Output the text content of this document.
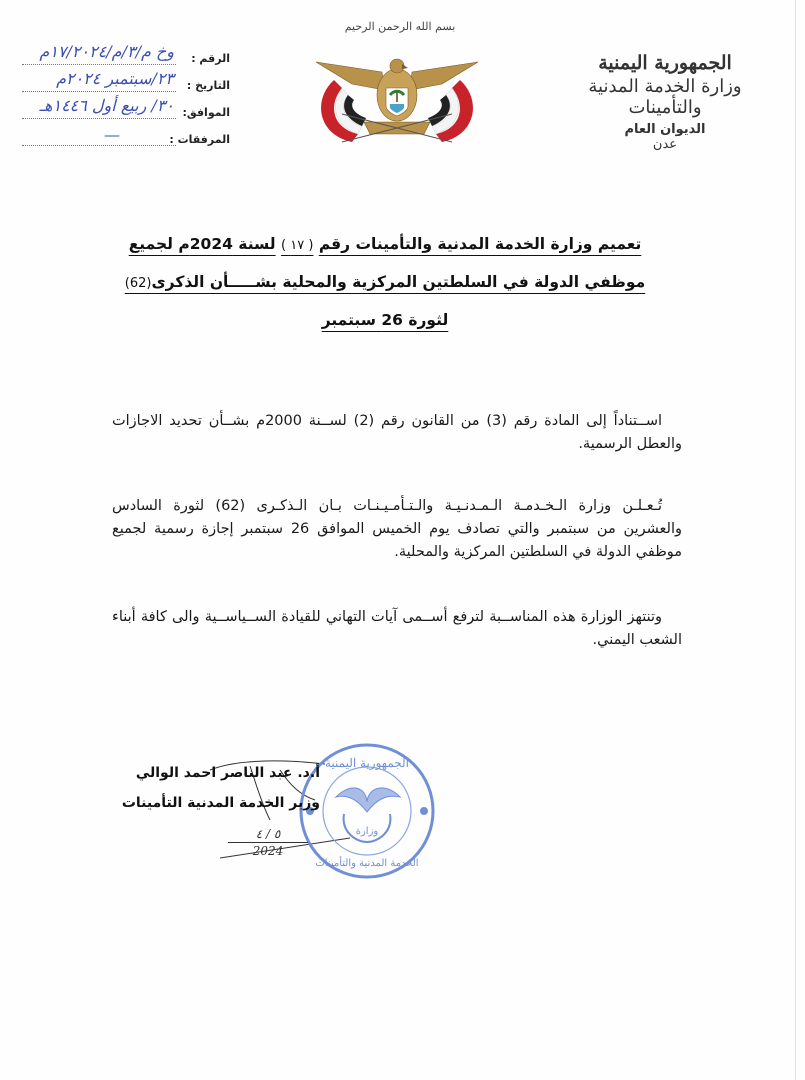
الرقم :
وخ م/٣/م/١٧/٢٠٢٤م
التاريخ :
٢٣/سبتمبر ٢٠٢٤م
الموافق:
٣٠/ ربيع أول ١٤٤٦هـ
المرفقات :
—
بسم الله الرحمن الرحيم
الجمهورية اليمنية
وزارة الخدمة المدنية والتأمينات
الديوان العام
عدن
تعميم وزارة الخدمة المدنية والتأمينات رقم ( ١٧ ) لسنة 2024م لجميع
موظفي الدولة في السلطتين المركزية والمحلية بشـــــأن الذكرى(62)
لثورة 26 سبتمبر
اســتناداً إلى المادة رقم (3) من القانون رقم (2) لســنة 2000م بشــأن تحديد الاجازات والعطل الرسمية.
تُـعـلـن وزارة الـخـدمـة الـمـدنـيـة والـتـأمـيـنـات بـان الـذكـرى (62) لثورة السادس والعشرين من سبتمبر والتي تصادف يوم الخميس الموافق 26 سبتمبر إجازة رسمية لجميع موظفي الدولة في السلطتين المركزية والمحلية.
وتنتهز الوزارة هذه المناســبة لترفع أســمى آيات التهاني للقيادة الســياســية والى كافة أبناء الشعب اليمني.
الجمهورية اليمنية
وزارة
الخدمة المدنية والتأمينات
أ.د. عبد الناصر احمد الوالي
وزير الخدمة المدنية التأمينات
٥ / ٤
2024
